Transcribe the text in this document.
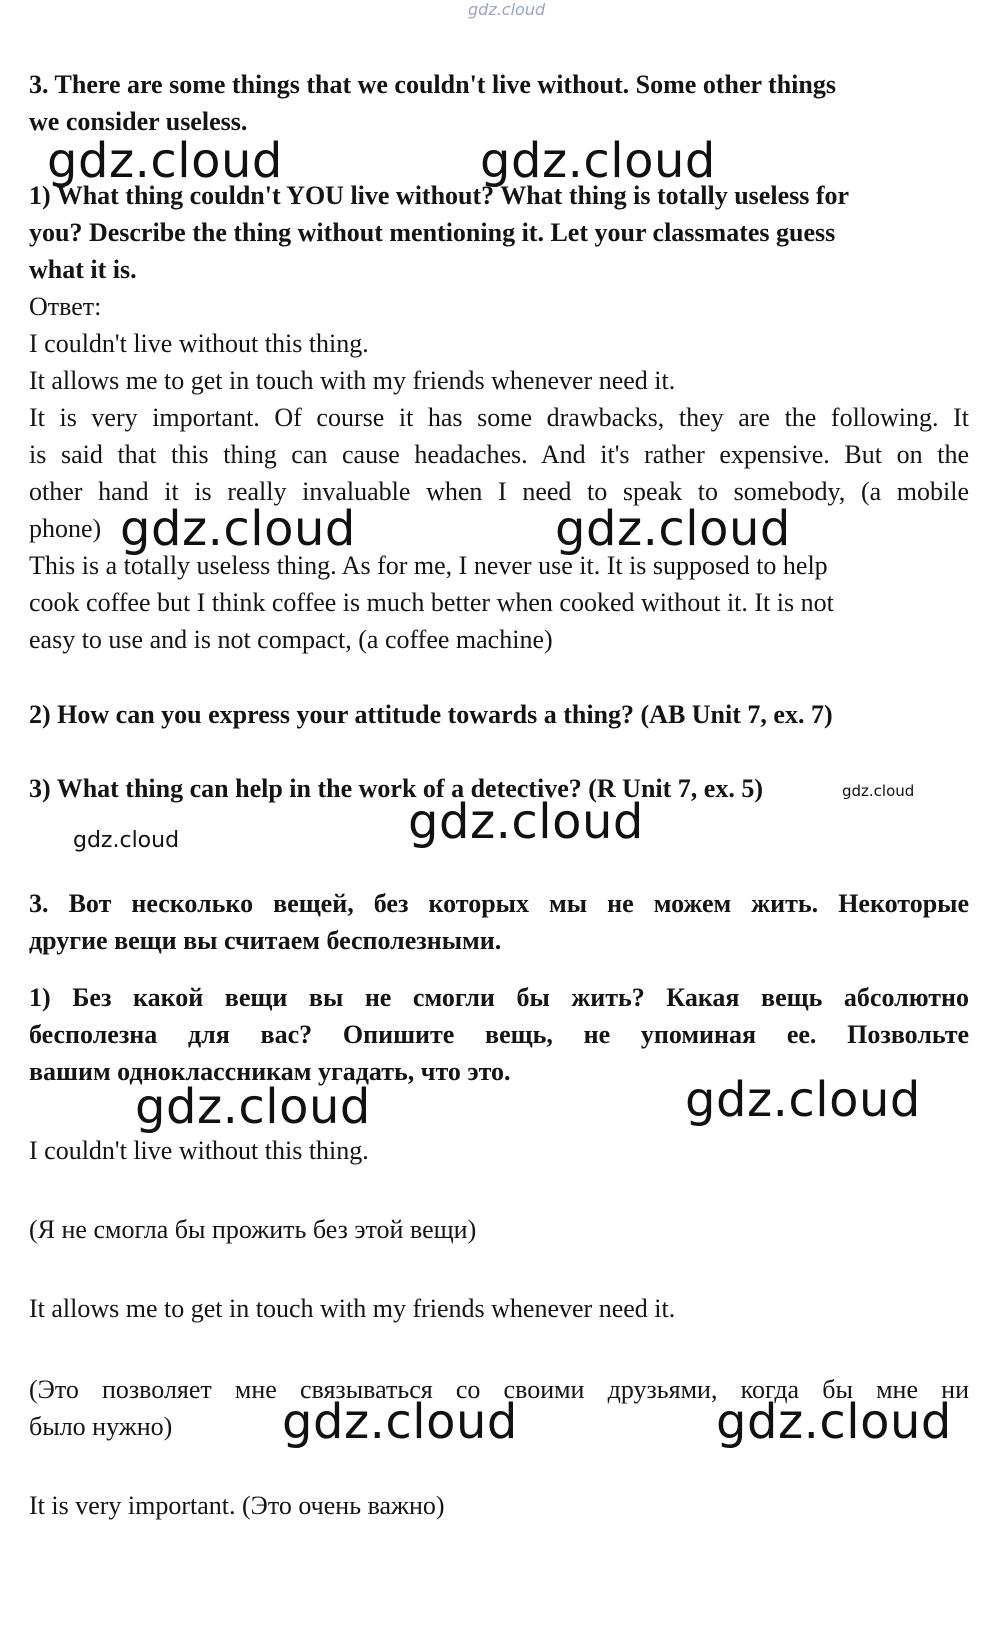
gdz.cloud
3. There are some things that we couldn't live without. Some other things
we consider useless.
1) What thing couldn't YOU live without? What thing is totally useless for
you? Describe the thing without mentioning it. Let your classmates guess
what it is.
Ответ:
I couldn't live without this thing.
It allows me to get in touch with my friends whenever need it.
It is very important. Of course it has some drawbacks, they are the following. It
is said that this thing can cause headaches. And it's rather expensive. But on the
other hand it is really invaluable when I need to speak to somebody, (a mobile
phone)
This is a totally useless thing. As for me, I never use it. It is supposed to help
cook coffee but I think coffee is much better when cooked without it. It is not
easy to use and is not compact, (a coffee machine)
2) How can you express your attitude towards a thing? (AB Unit 7, ex. 7)
3) What thing can help in the work of a detective? (R Unit 7, ex. 5)
3. Вот несколько вещей, без которых мы не можем жить. Некоторые
другие вещи вы считаем бесполезными.
1) Без какой вещи вы не смогли бы жить? Какая вещь абсолютно
бесполезна для вас? Опишите вещь, не упоминая ее. Позвольте
вашим одноклассникам угадать, что это.
I couldn't live without this thing.
(Я не смогла бы прожить без этой вещи)
It allows me to get in touch with my friends whenever need it.
(Это позволяет мне связываться со своими друзьями, когда бы мне ни
было нужно)
It is very important. (Это очень важно)
gdz.cloud	gdz.cloud
gdz.cloud	gdz.cloud
gdz.cloud
gdz.cloud
gdz.cloud
gdz.cloud	gdz.cloud
gdz.cloud	gdz.cloud
